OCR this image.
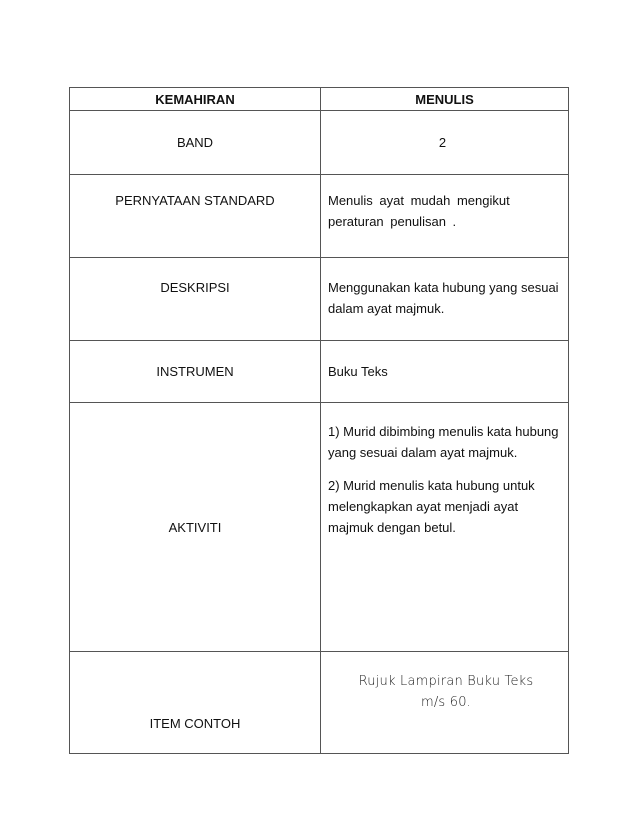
KEMAHIRAN	MENULIS
BAND	2
PERNYATAAN STANDARD	Menulis ayat mudah mengikut peraturan penulisan .
DESKRIPSI	Menggunakan kata hubung yang sesuai dalam ayat majmuk.
INSTRUMEN	Buku Teks
AKTIVITI	1) Murid dibimbing menulis kata hubung yang sesuai dalam ayat majmuk.

2) Murid menulis kata hubung untuk melengkapkan ayat menjadi ayat majmuk dengan betul.

ITEM CONTOH	Rujuk Lampiran Buku Teks
m/s 60.
